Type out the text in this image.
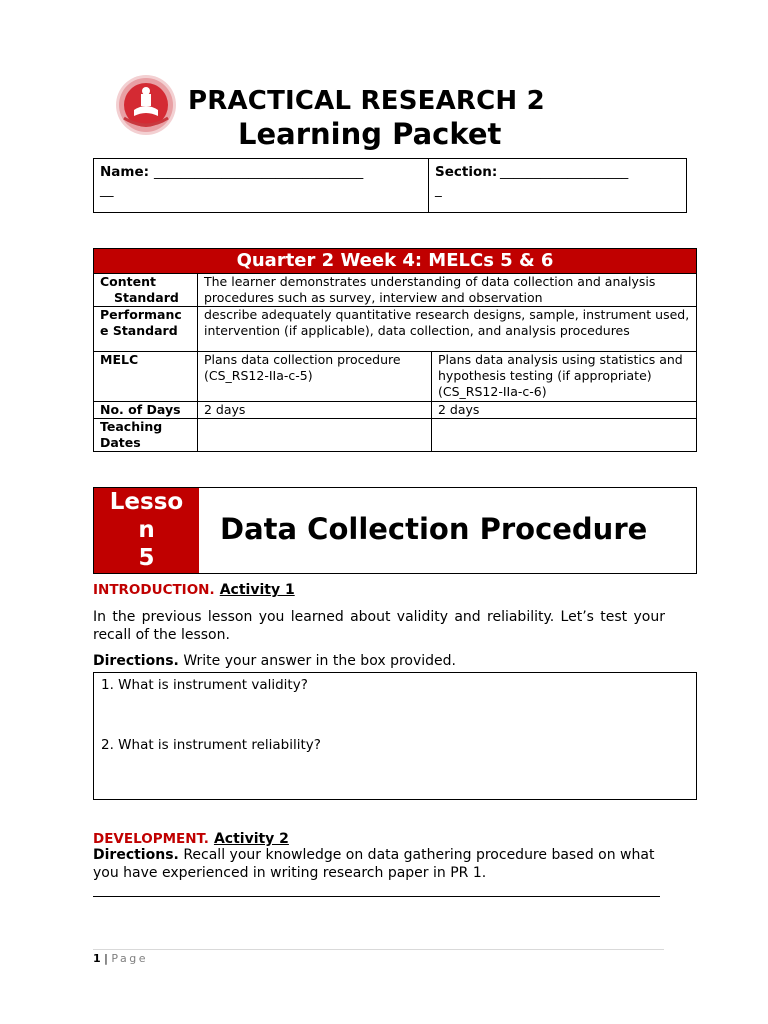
PRACTICAL RESEARCH 2
Learning Packet
Name: _______________________________
__
Section: ___________________
_
Quarter 2 Week 4: MELCs 5 & 6		

Content Standard	The learner demonstrates understanding of data collection and analysis procedures such as survey, interview and observation	
Performanc
e Standard	describe adequately quantitative research designs, sample, instrument used, intervention (if applicable), data collection, and analysis procedures	
MELC	Plans data collection procedure (CS_RS12-IIa-c-5)	Plans data analysis using statistics and hypothesis testing (if appropriate) (CS_RS12-IIa-c-6)
No. of Days	2 days	2 days
Teaching
Dates		
Lesso
n
5
Data Collection Procedure
INTRODUCTION. Activity 1
In the previous lesson you learned about validity and reliability. Let’s test your recall of the lesson.
Directions. Write your answer in the box provided.
1. What is instrument validity?
2. What is instrument reliability?
DEVELOPMENT. Activity 2
Directions. Recall your knowledge on data gathering procedure based on what you have experienced in writing research paper in PR 1.
1 | Page
